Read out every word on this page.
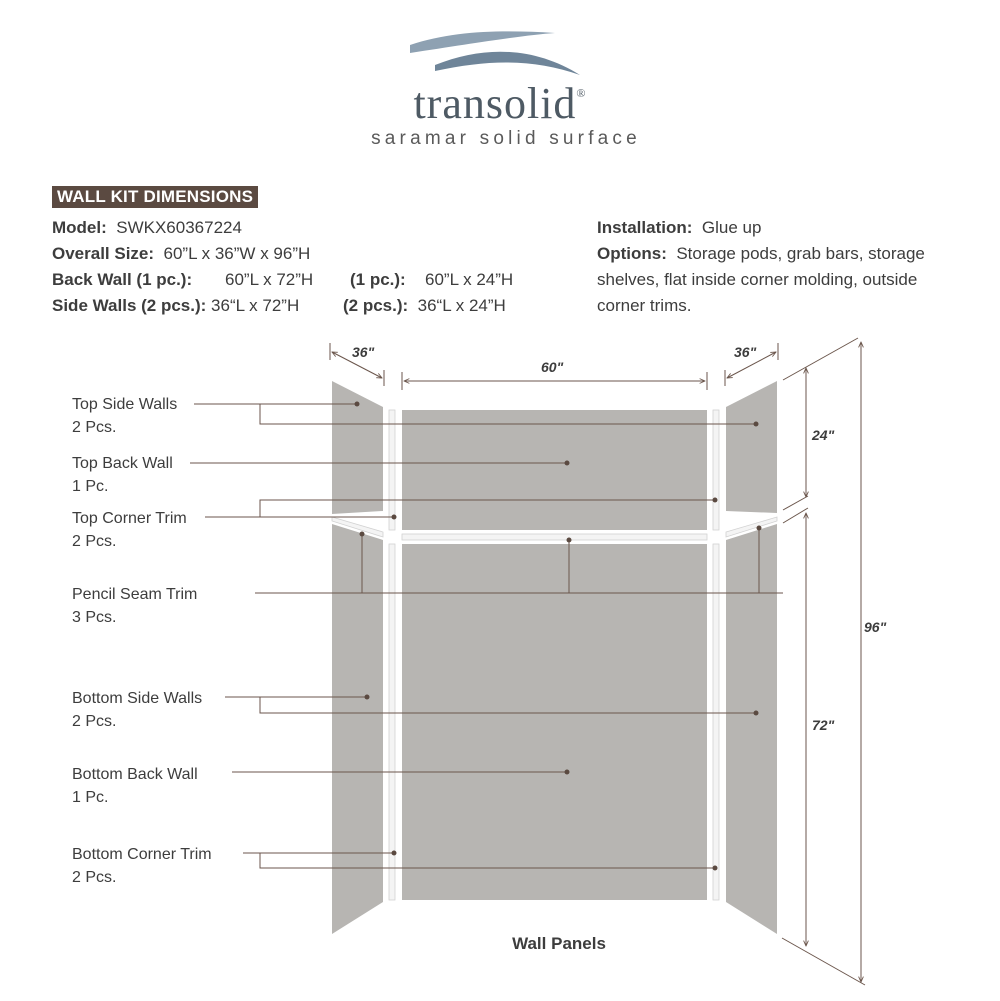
transolid®
saramar solid surface
WALL KIT DIMENSIONS
Model: SWKX60367224
Overall Size: 60”L x 36”W x 96”H
Back Wall (1 pc.): 60”L x 72”H (1 pc.): 60”L x 24”H
Side Walls (2 pcs.): 36“L x 72”H	(2 pcs.): 36“L x 24”H
Installation: Glue up
Options: Storage pods, grab bars, storage
shelves, flat inside corner molding, outside
corner trims.
Top Side Walls
2 Pcs.
Top Back Wall
1 Pc.
Top Corner Trim
2 Pcs.
Pencil Seam Trim
3 Pcs.
Bottom Side Walls
2 Pcs.
Bottom Back Wall
1 Pc.
Bottom Corner Trim
2 Pcs.
36"
60"
36"
24"
72"
96"
Wall Panels
